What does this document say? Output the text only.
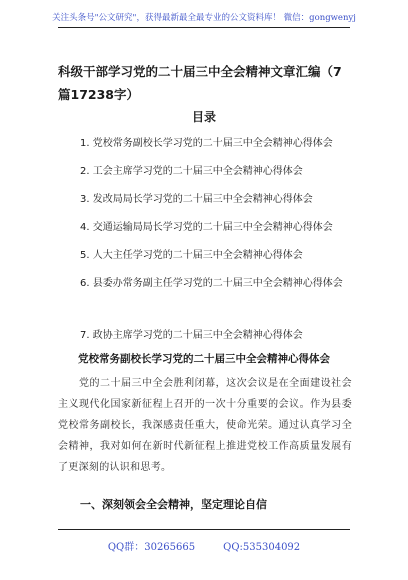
关注头条号"公文研究"，获得最新最全最专业的公文资料库！ 微信：gongwenyj
科级干部学习党的二十届三中全会精神文章汇编（7篇17238字）
目录
1. 党校常务副校长学习党的二十届三中全会精神心得体会
2. 工会主席学习党的二十届三中全会精神心得体会
3. 发改局局长学习党的二十届三中全会精神心得体会
4. 交通运输局局长学习党的二十届三中全会精神心得体会
5. 人大主任学习党的二十届三中全会精神心得体会
6. 县委办常务副主任学习党的二十届三中全会精神心得体会
7. 政协主席学习党的二十届三中全会精神心得体会
党校常务副校长学习党的二十届三中全会精神心得体会

党的二十届三中全会胜利闭幕，这次会议是在全面建设社会主义现代化国家新征程上召开的一次十分重要的会议。作为县委党校常务副校长，我深感责任重大，使命光荣。通过认真学习全会精神，我对如何在新时代新征程上推进党校工作高质量发展有了更深刻的认识和思考。

一、深刻领会全会精神，坚定理论自信
QQ群：30265665	QQ:535304092
